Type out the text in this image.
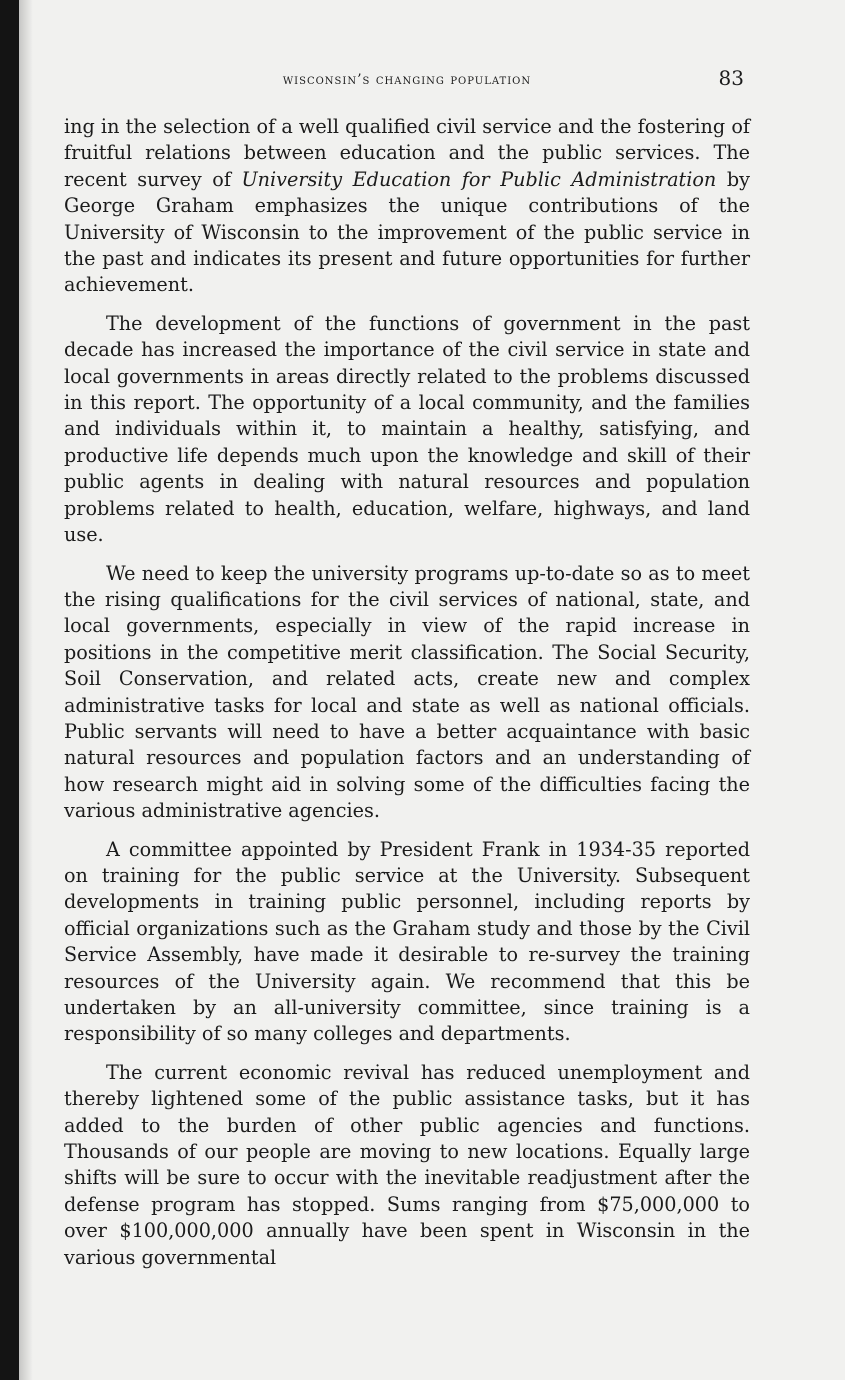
wisconsin’s changing population	83

ing in the selection of a well qualified civil service and the fostering of fruitful relations between education and the public services. The recent survey of University Education for Public Administration by George Graham emphasizes the unique contributions of the University of Wisconsin to the improvement of the public service in the past and indicates its present and future opportunities for further achievement.

The development of the functions of government in the past decade has increased the importance of the civil service in state and local governments in areas directly related to the problems discussed in this report. The opportunity of a local community, and the families and individuals within it, to maintain a healthy, satisfying, and productive life depends much upon the knowledge and skill of their public agents in dealing with natural resources and population problems related to health, education, welfare, highways, and land use.

We need to keep the university programs up-to-date so as to meet the rising qualifications for the civil services of national, state, and local governments, especially in view of the rapid increase in positions in the competitive merit classification. The Social Security, Soil Conservation, and related acts, create new and complex administrative tasks for local and state as well as national officials. Public servants will need to have a better acquaintance with basic natural resources and population factors and an understanding of how research might aid in solving some of the difficulties facing the various administrative agencies.

A committee appointed by President Frank in 1934-35 reported on training for the public service at the University. Subsequent developments in training public personnel, including reports by official organizations such as the Graham study and those by the Civil Service Assembly, have made it desirable to re-survey the training resources of the University again. We recommend that this be undertaken by an all-university committee, since training is a responsibility of so many colleges and departments.

The current economic revival has reduced unemployment and thereby lightened some of the public assistance tasks, but it has added to the burden of other public agencies and functions. Thousands of our people are moving to new locations. Equally large shifts will be sure to occur with the inevitable readjustment after the defense program has stopped. Sums ranging from $75,000,000 to over $100,000,000 annually have been spent in Wisconsin in the various governmental
